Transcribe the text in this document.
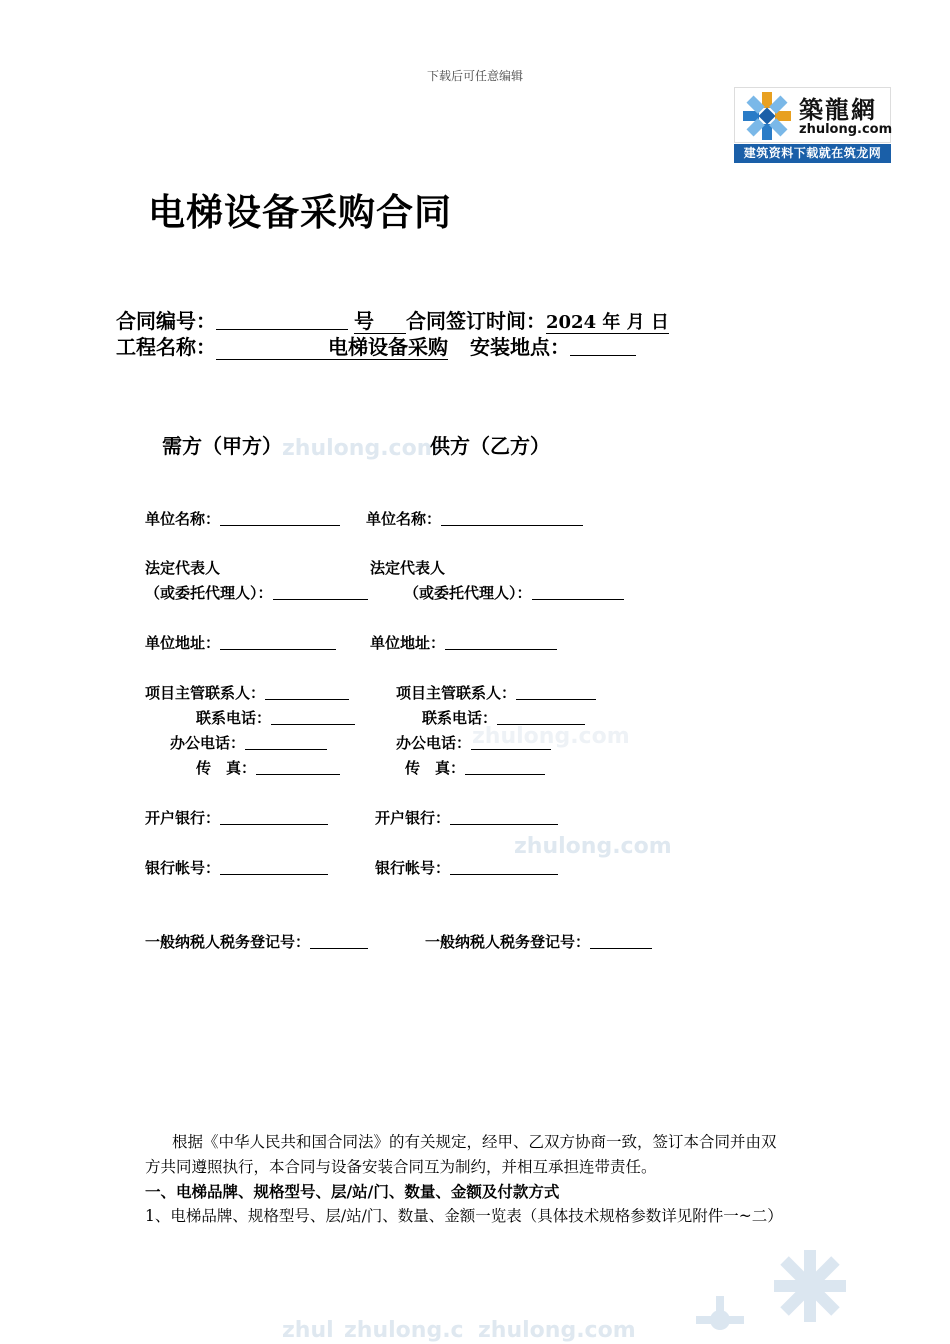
zhulong.com
zhulong.com
zhulong.com
zhul zhulong.c zhulong.com
下载后可任意编辑
築龍網
zhulong.com
建筑资料下载就在筑龙网
电梯设备采购合同
合同编号：	号 合同签订时间：2024 年 月 日
工程名称：	电梯设备采购 安装地点：
需方（甲方）	供方（乙方）
单位名称：	单位名称：
法定代表人	法定代表人
（或委托代理人）：	（或委托代理人）：
单位地址：	单位地址：
项目主管联系人：	项目主管联系人：
联系电话：	联系电话：
办公电话：	办公电话：
传　真：	传　真：
开户银行：	开户银行：
银行帐号：	银行帐号：
一般纳税人税务登记号：	一般纳税人税务登记号：
根据《中华人民共和国合同法》的有关规定，经甲、乙双方协商一致，签订本合同并由双
方共同遵照执行，本合同与设备安装合同互为制约，并相互承担连带责任。
一、电梯品牌、规格型号、层/站/门、数量、金额及付款方式
1、电梯品牌、规格型号、层/站/门、数量、金额一览表（具体技术规格参数详见附件一~二）
